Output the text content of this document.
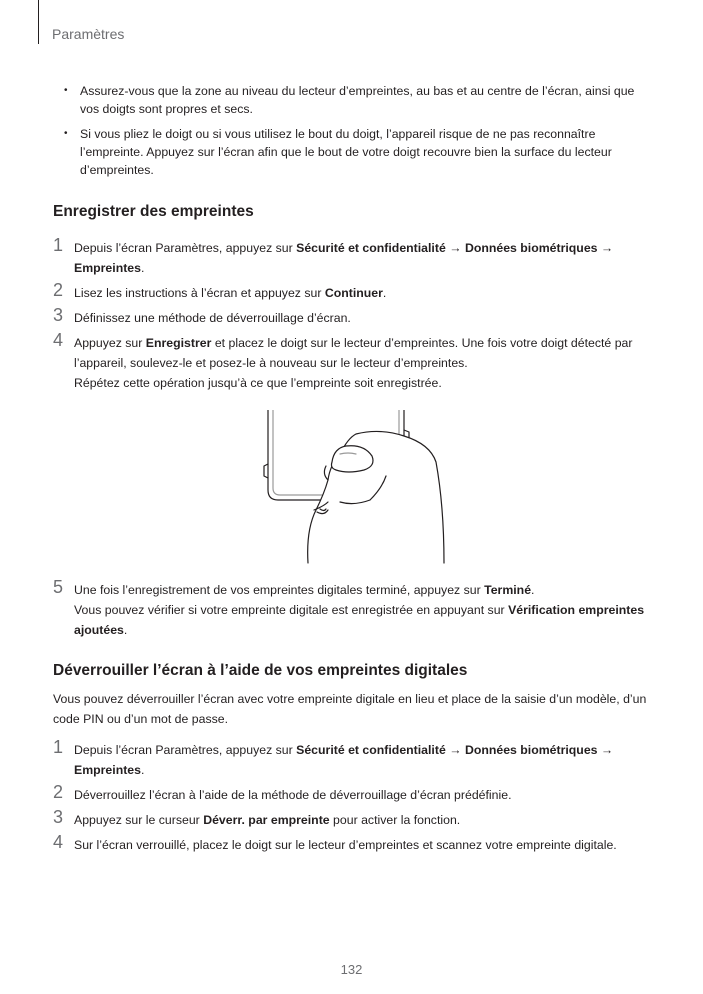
Paramètres
• Assurez-vous que la zone au niveau du lecteur d’empreintes, au bas et au centre de l’écran, ainsi que vos doigts sont propres et secs.
• Si vous pliez le doigt ou si vous utilisez le bout du doigt, l’appareil risque de ne pas reconnaître l’empreinte. Appuyez sur l’écran afin que le bout de votre doigt recouvre bien la surface du lecteur d’empreintes.
Enregistrer des empreintes
1 Depuis l’écran Paramètres, appuyez sur Sécurité et confidentialité → Données biométriques → Empreintes.

2 Lisez les instructions à l’écran et appuyez sur Continuer.

3 Définissez une méthode de déverrouillage d’écran.

4 Appuyez sur Enregistrer et placez le doigt sur le lecteur d’empreintes. Une fois votre doigt détecté par l’appareil, soulevez-le et posez-le à nouveau sur le lecteur d’empreintes.

Répétez cette opération jusqu’à ce que l’empreinte soit enregistrée.

5 Une fois l’enregistrement de vos empreintes digitales terminé, appuyez sur Terminé.

Vous pouvez vérifier si votre empreinte digitale est enregistrée en appuyant sur Vérification empreintes ajoutées.

Déverrouiller l’écran à l’aide de vos empreintes digitales

Vous pouvez déverrouiller l’écran avec votre empreinte digitale en lieu et place de la saisie d’un modèle, d’un code PIN ou d’un mot de passe.

1 Depuis l’écran Paramètres, appuyez sur Sécurité et confidentialité → Données biométriques → Empreintes.

2 Déverrouillez l’écran à l’aide de la méthode de déverrouillage d’écran prédéfinie.

3 Appuyez sur le curseur Déverr. par empreinte pour activer la fonction.

4 Sur l’écran verrouillé, placez le doigt sur le lecteur d’empreintes et scannez votre empreinte digitale.

132
